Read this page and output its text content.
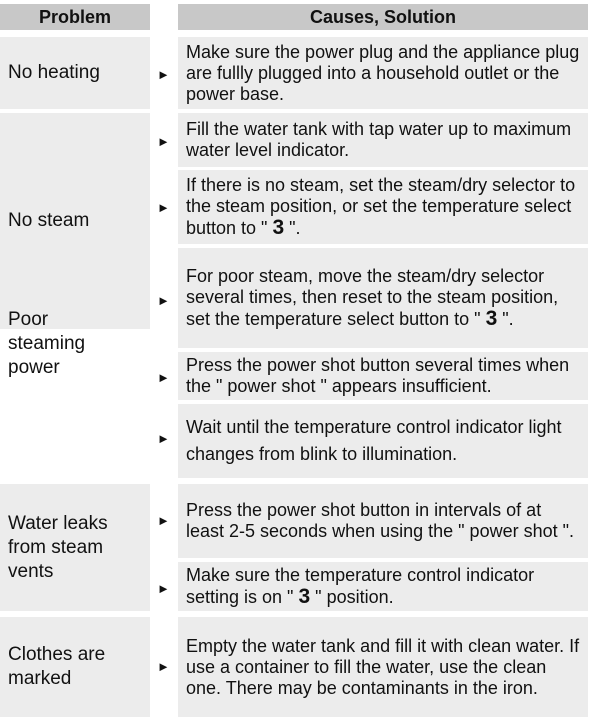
Problem	Causes, Solution
No heating	►
Make sure the power plug and the appliance plug are fullly plugged into a household outlet or the power base.
No steam
Poor steaming power
►
Fill the water tank with tap water up to maximum water level indicator.
►
If there is no steam, set the steam/dry selector to the steam position, or set the temperature select button to " 3 ".
►
For poor steam, move the steam/dry selector several times, then reset to the steam position, set the temperature select button to " 3 ".
►
Press the power shot button several times when the " power shot " appears insufficient.
►
Wait until the temperature control indicator light changes from blink to illumination.
Water leaks from steam vents
►
Press the power shot button in intervals of at least 2-5 seconds when using the " power shot ".
►
Make sure the temperature control indicator setting is on " 3 " position.
Clothes are marked
►
Empty the water tank and fill it with clean water. If use a container to fill the water, use the clean one. There may be contaminants in the iron.
